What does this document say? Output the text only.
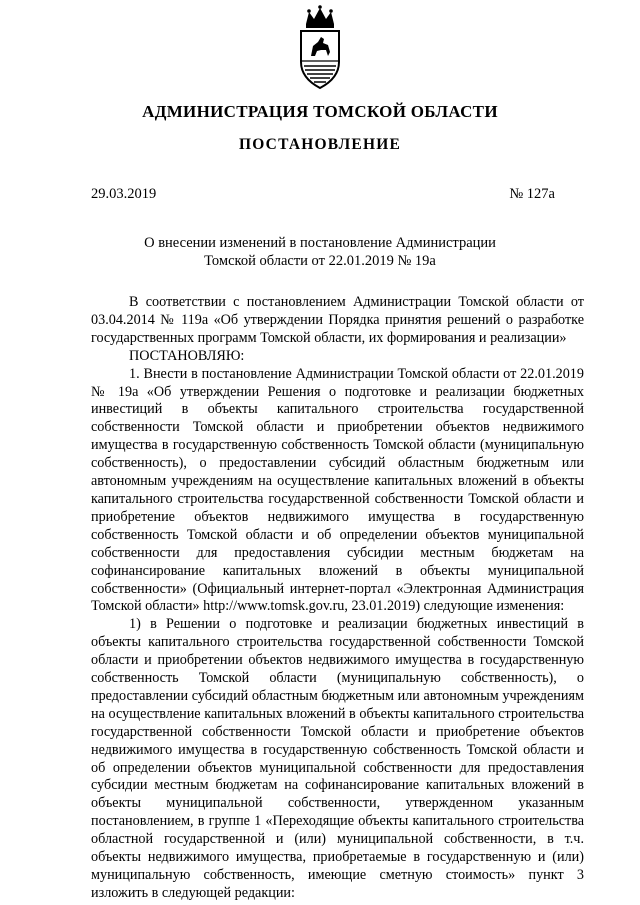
АДМИНИСТРАЦИЯ ТОМСКОЙ ОБЛАСТИ
ПОСТАНОВЛЕНИЕ
29.03.2019	№ 127а
О внесении изменений в постановление Администрации
Томской области от 22.01.2019 № 19а

В соответствии с постановлением Администрации Томской области от 03.04.2014 № 119а «Об утверждении Порядка принятия решений о разработке государственных программ Томской области, их формирования и реализации»

ПОСТАНОВЛЯЮ:

1. Внести в постановление Администрации Томской области от 22.01.2019 № 19а «Об утверждении Решения о подготовке и реализации бюджетных инвестиций в объекты капитального строительства государственной собственности Томской области и приобретении объектов недвижимого имущества в государственную собственность Томской области (муниципальную собственность), о предоставлении субсидий областным бюджетным или автономным учреждениям на осуществление капитальных вложений в объекты капитального строительства государственной собственности Томской области и приобретение объектов недвижимого имущества в государственную собственность Томской области и об определении объектов муниципальной собственности для предоставления субсидии местным бюджетам на софинансирование капитальных вложений в объекты муниципальной собственности» (Официальный интернет-портал «Электронная Администрация Томской области» http://www.tomsk.gov.ru, 23.01.2019) следующие изменения:

1) в Решении о подготовке и реализации бюджетных инвестиций в объекты капитального строительства государственной собственности Томской области и приобретении объектов недвижимого имущества в государственную собственность Томской области (муниципальную собственность), о предоставлении субсидий областным бюджетным или автономным учреждениям на осуществление капитальных вложений в объекты капитального строительства государственной собственности Томской области и приобретение объектов недвижимого имущества в государственную собственность Томской области и об определении объектов муниципальной собственности для предоставления субсидии местным бюджетам на софинансирование капитальных вложений в объекты муниципальной собственности, утвержденном указанным постановлением, в группе 1 «Переходящие объекты капитального строительства областной государственной и (или) муниципальной собственности, в т.ч. объекты недвижимого имущества, приобретаемые в государственную и (или) муниципальную собственность, имеющие сметную стоимость» пункт 3 изложить в следующей редакции:
